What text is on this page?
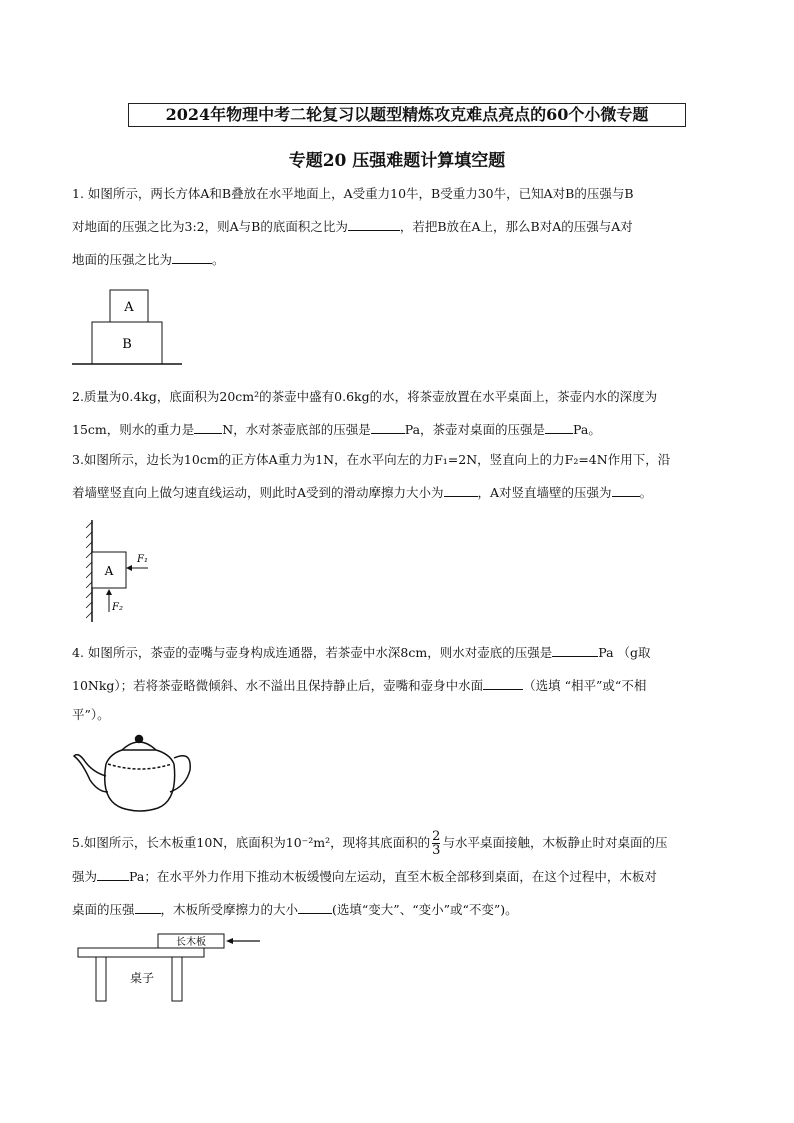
2024年物理中考二轮复习以题型精炼攻克难点亮点的60个小微专题
专题20 压强难题计算填空题
1. 如图所示，两长方体A和B叠放在水平地面上，A受重力10牛，B受重力30牛，已知A对B的压强与B
对地面的压强之比为3:2，则A与B的底面积之比为	，若把B放在A上，那么B对A的压强与A对
地面的压强之比为	。
A
B
2.质量为0.4kg，底面积为20cm²的茶壶中盛有0.6kg的水，将茶壶放置在水平桌面上，茶壶内水的深度为
15cm，则水的重力是 N，水对茶壶底部的压强是	Pa，茶壶对桌面的压强是 Pa。
3.如图所示，边长为10cm的正方体A重力为1N，在水平向左的力F₁=2N，竖直向上的力F₂=4N作用下，沿
着墙壁竖直向上做匀速直线运动，则此时A受到的滑动摩擦力大小为	，A对竖直墙壁的压强为 。
A
F₁
F₂
4. 如图所示，茶壶的壶嘴与壶身构成连通器，若茶壶中水深8cm，则水对壶底的压强是	Pa （g取
10Nkg）；若将茶壶略微倾斜、水不溢出且保持静止后，壶嘴和壶身中水面	（选填 “相平”或“不相
平”）。
5.如图所示，长木板重10N，底面积为10⁻²m²，现将其底面积的 $\frac{2}{3}$ 与水平桌面接触，木板静止时对桌面的压
强为	Pa；在水平外力作用下推动木板缓慢向左运动，直至木板全部移到桌面，在这个过程中，木板对
桌面的压强 ，木板所受摩擦力的大小	(选填“变大”、“变小”或“不变”)。
长木板
桌子
